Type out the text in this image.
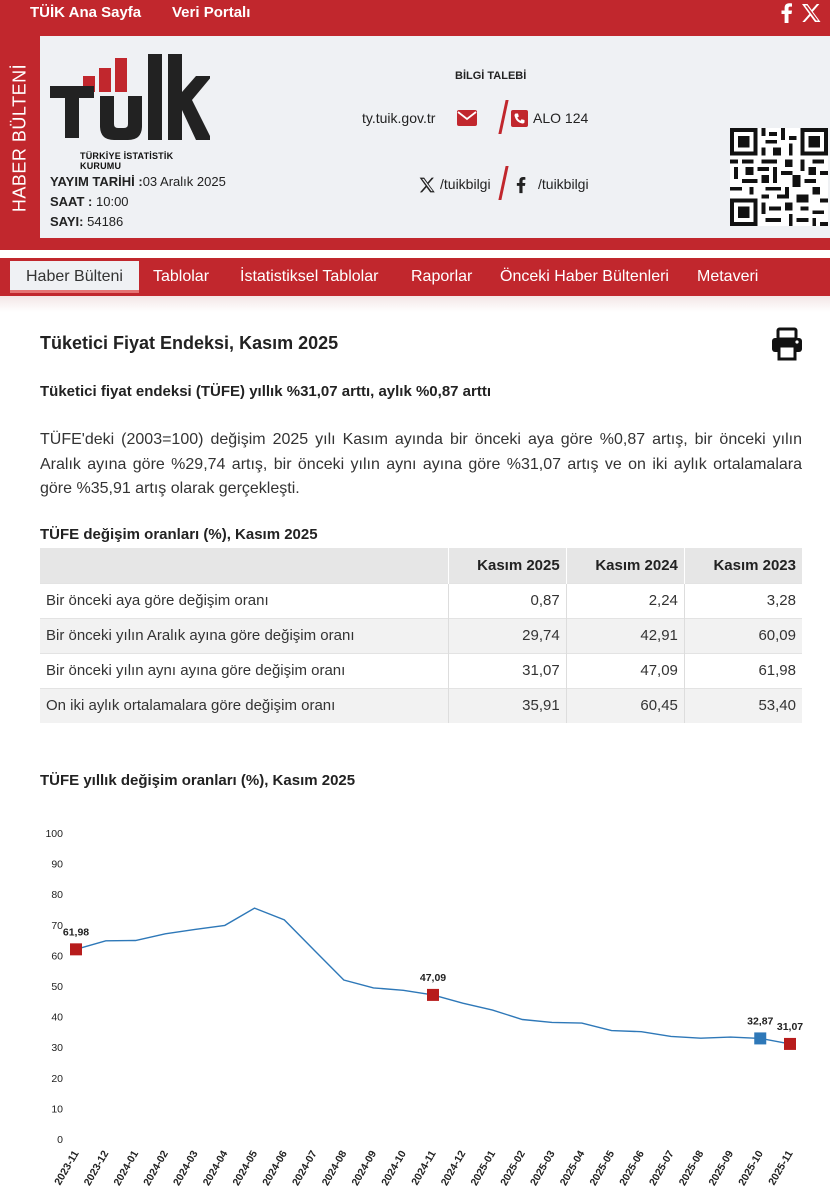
TÜİK Ana Sayfa Veri Portalı
HABER BÜLTENİ	TÜRKİYE İSTATİSTİK KURUMU
YAYIM TARİHİ :03 Aralık 2025
SAAT : 10:00
SAYI: 54186
BİLGİ TALEBİ
ty.tuik.gov.tr	ALO 124
/tuikbilgi	/tuikbilgi
Haber Bülteni	Tablolar İstatistiksel Tablolar Raporlar Önceki Haber Bültenleri Metaveri
Tüketici Fiyat Endeksi, Kasım 2025
Tüketici fiyat endeksi (TÜFE) yıllık %31,07 arttı, aylık %0,87 arttı
TÜFE'deki (2003=100) değişim 2025 yılı Kasım ayında bir önceki aya göre %0,87 artış, bir önceki yılın Aralık ayına göre %29,74 artış, bir önceki yılın aynı ayına göre %31,07 artış ve on iki aylık ortalamalara göre %35,91 artış olarak gerçekleşti.
TÜFE değişim oranları (%), Kasım 2025
	Kasım 2025	Kasım 2024	Kasım 2023
Bir önceki aya göre değişim oranı	0,87	2,24	3,28
Bir önceki yılın Aralık ayına göre değişim oranı	29,74	42,91	60,09
Bir önceki yılın aynı ayına göre değişim oranı	31,07	47,09	61,98
On iki aylık ortalamalara göre değişim oranı	35,91	60,45	53,40
TÜFE yıllık değişim oranları (%), Kasım 2025
0
10
20
30
40
50
60
70
80
90
100
2023-11 2023-12 2024-01 2024-02 2024-03 2024-04 2024-05 2024-06 2024-07 2024-08 2024-09 2024-10 2024-11 2024-12 2025-01 2025-02 2025-03 2025-04 2025-05 2025-06 2025-07 2025-08 2025-09 2025-10 2025-11
61,98
47,09
32,87 31,07
